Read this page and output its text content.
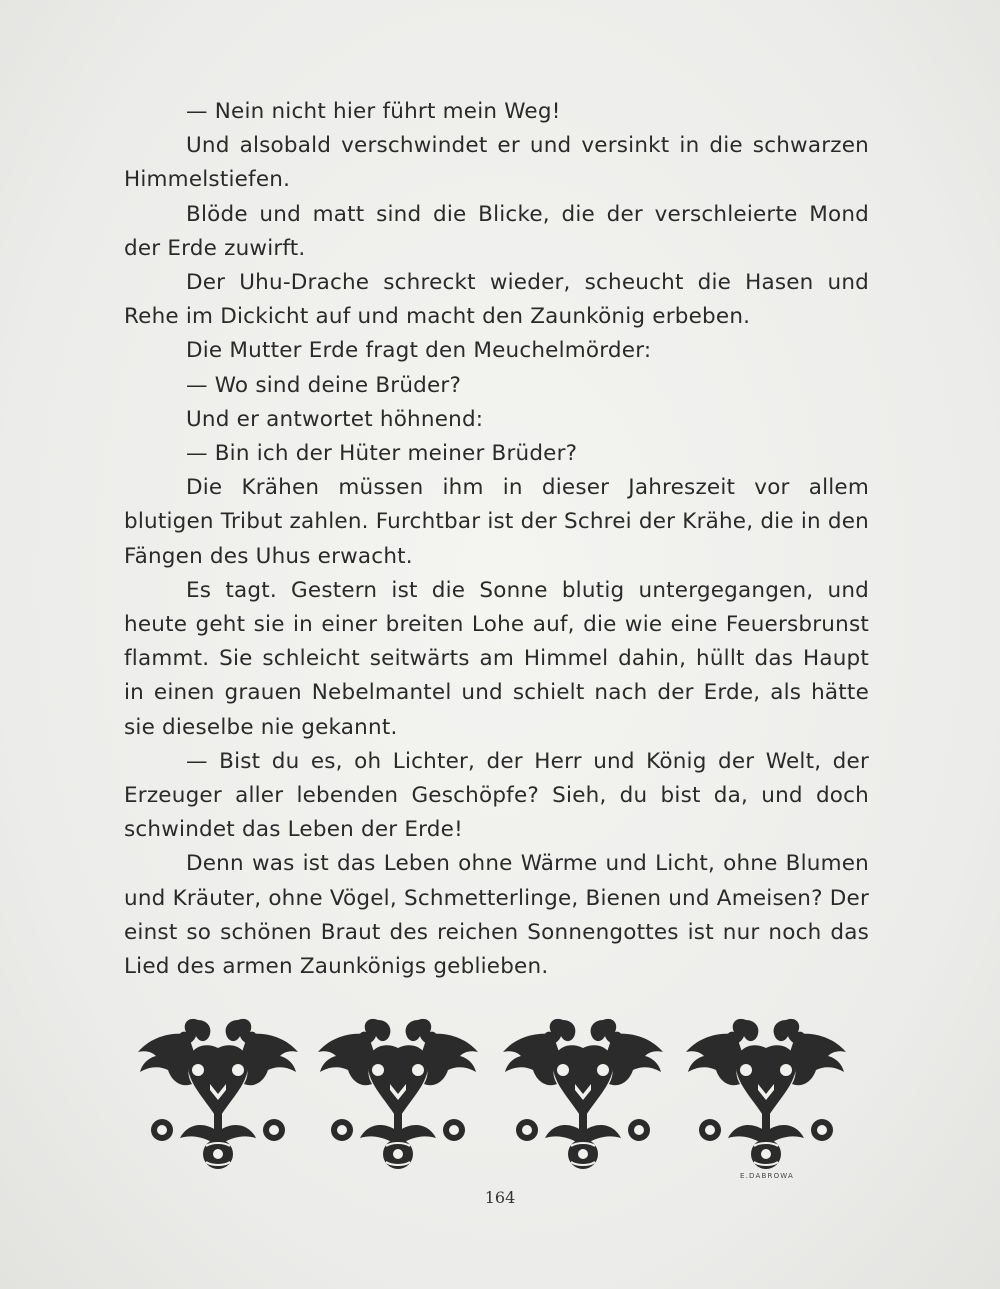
— Nein nicht hier führt mein Weg!

Und alsobald verschwindet er und versinkt in die schwarzen Himmelstiefen.

Blöde und matt sind die Blicke, die der verschleierte Mond der Erde zuwirft.

Der Uhu-Drache schreckt wieder, scheucht die Hasen und Rehe im Dickicht auf und macht den Zaunkönig erbeben.

Die Mutter Erde fragt den Meuchelmörder:

— Wo sind deine Brüder?

Und er antwortet höhnend:

— Bin ich der Hüter meiner Brüder?

Die Krähen müssen ihm in dieser Jahreszeit vor allem blutigen Tribut zahlen. Furchtbar ist der Schrei der Krähe, die in den Fängen des Uhus erwacht.

Es tagt. Gestern ist die Sonne blutig untergegangen, und heute geht sie in einer breiten Lohe auf, die wie eine Feuersbrunst flammt. Sie schleicht seitwärts am Himmel dahin, hüllt das Haupt in einen grauen Nebelmantel und schielt nach der Erde, als hätte sie dieselbe nie gekannt.

— Bist du es, oh Lichter, der Herr und König der Welt, der Erzeuger aller lebenden Geschöpfe? Sieh, du bist da, und doch schwindet das Leben der Erde!

Denn was ist das Leben ohne Wärme und Licht, ohne Blumen und Kräuter, ohne Vögel, Schmetterlinge, Bienen und Ameisen? Der einst so schönen Braut des reichen Sonnengottes ist nur noch das Lied des armen Zaunkönigs geblieben.

E.DABROWA
164
